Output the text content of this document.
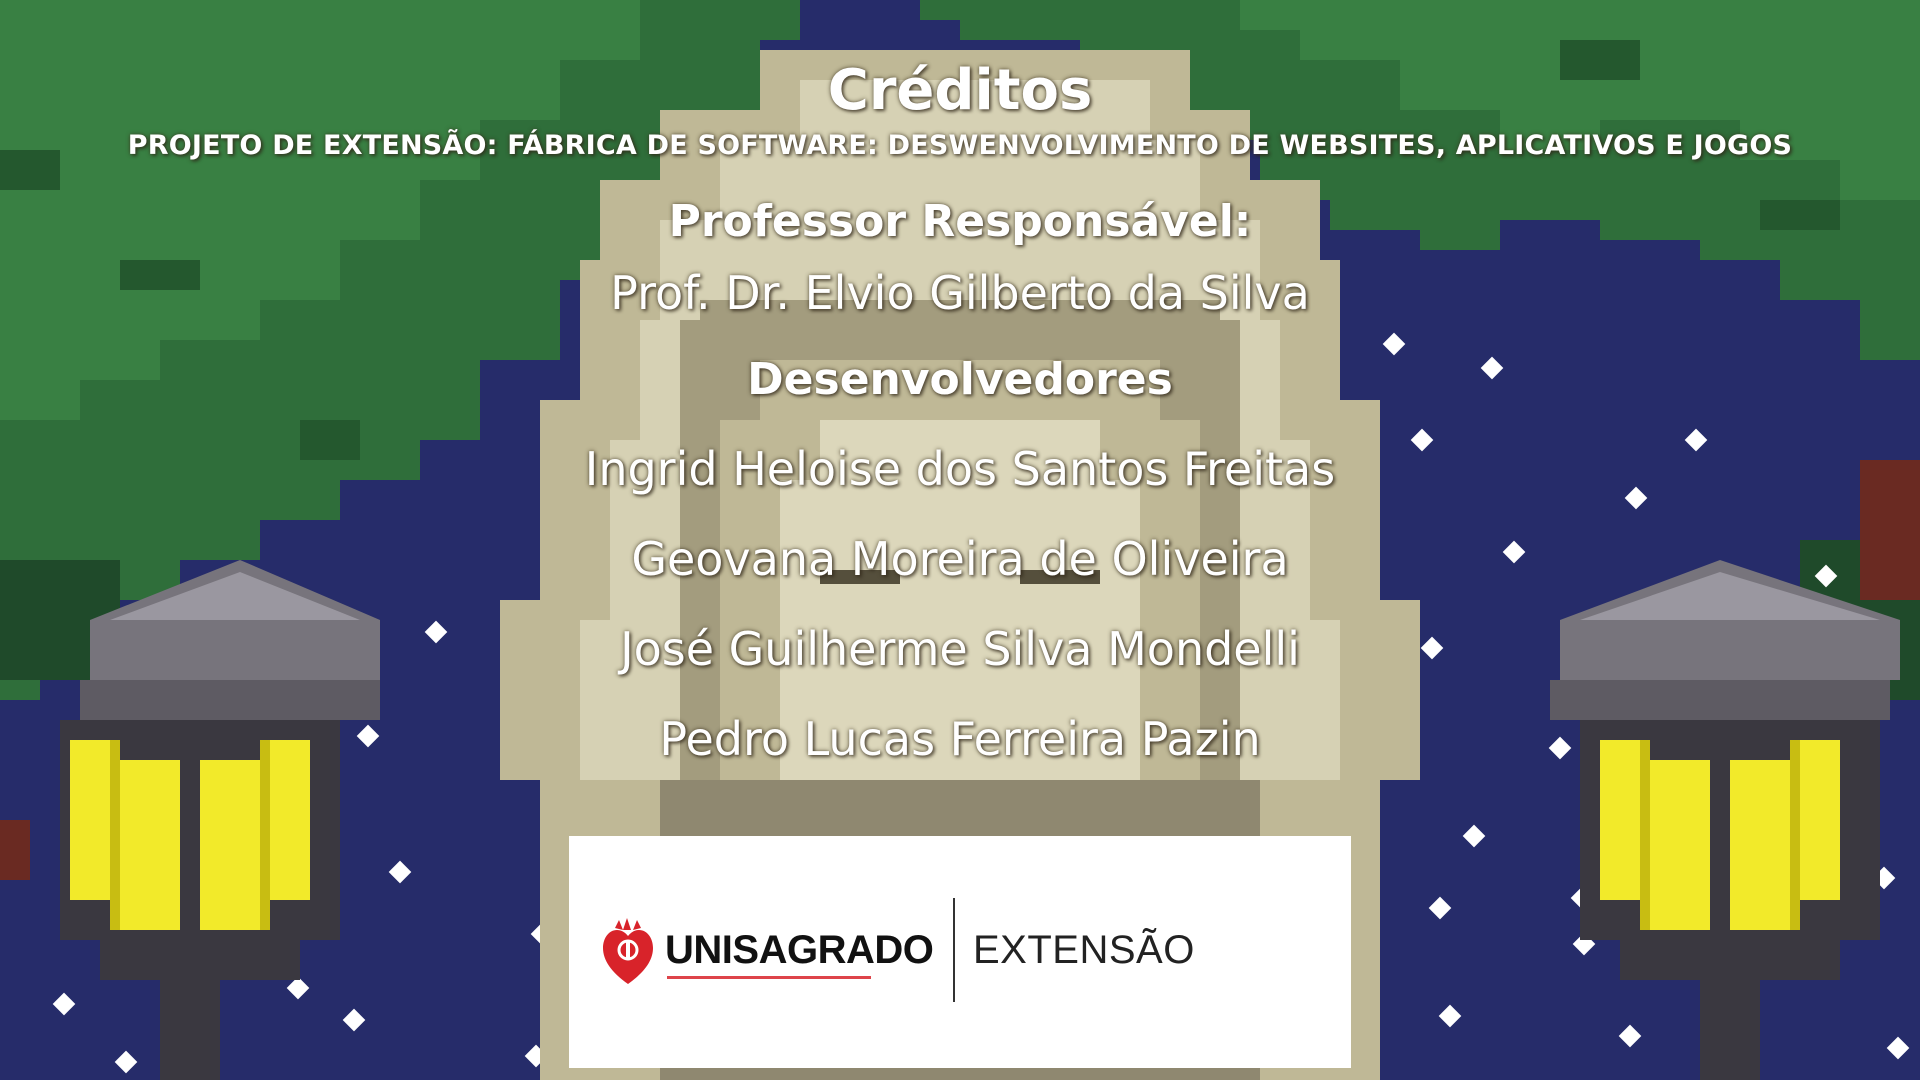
Créditos
PROJETO DE EXTENSÃO: FÁBRICA DE SOFTWARE: DESWENVOLVIMENTO DE WEBSITES, APLICATIVOS E JOGOS
Professor Responsável:
Prof. Dr. Elvio Gilberto da Silva
Desenvolvedores
Ingrid Heloise dos Santos Freitas
Geovana Moreira de Oliveira
José Guilherme Silva Mondelli
Pedro Lucas Ferreira Pazin
UNISAGRADO EXTENSÃO
